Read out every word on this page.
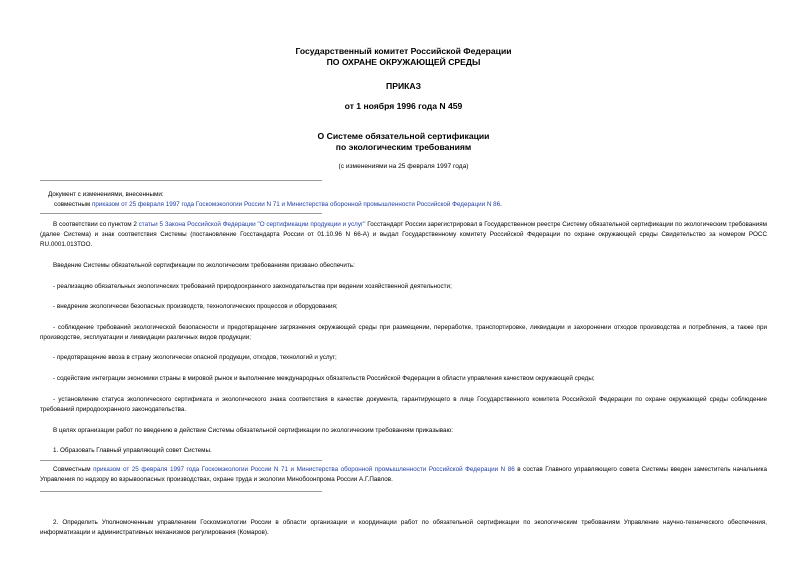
Государственный комитет Российской Федерации
ПО ОХРАНЕ ОКРУЖАЮЩЕЙ СРЕДЫ
ПРИКАЗ
от 1 ноября 1996 года N 459
О Системе обязательной сертификации
по экологическим требованиям
(с изменениями на 25 февраля 1997 года)
Документ с изменениями, внесенными:
совместным приказом от 25 февраля 1997 года Госкомэкологии России N 71 и Министерства оборонной промышленности Российской Федерации N 86.
В соответствии со пунктом 2 статьи 5 Закона Российской Федерации "О сертификации продукции и услуг" Госстандарт России зарегистрировал в Государственном реестре Систему обязательной сертификации по экологическим требованиям (далее Система) и знак соответствия Системы (постановление Госстандарта России от 01.10.96 N 66-А) и выдал Государственному комитету Российской Федерации по охране окружающей среды Свидетельство за номером РОСС RU.0001.013ТОО.
Введение Системы обязательной сертификации по экологическим требованиям призвано обеспечить:
- реализацию обязательных экологических требований природоохранного законодательства при ведении хозяйственной деятельности;
- внедрение экологически безопасных производств, технологических процессов и оборудования;
- соблюдение требований экологической безопасности и предотвращение загрязнения окружающей среды при размещении, переработке, транспортировке, ликвидации и захоронении отходов производства и потребления, а также при производстве, эксплуатации и ликвидации различных видов продукции;
- предотвращение ввоза в страну экологически опасной продукции, отходов, технологий и услуг;
- содействие интеграции экономики страны в мировой рынок и выполнение международных обязательств Российской Федерации в области управления качеством окружающей среды;
- установление статуса экологического сертификата и экологического знака соответствия в качестве документа, гарантирующего в лице Государственного комитета Российской Федерации по охране окружающей среды соблюдение требований природоохранного законодательства.
В целях организации работ по введению в действие Системы обязательной сертификации по экологическим требованиям приказываю:
1. Образовать Главный управляющий совет Системы.
Совместным приказом от 25 февраля 1997 года Госкомэкологии России N 71 и Министерства оборонной промышленности Российской Федерации N 86 в состав Главного управляющего совета Системы введен заместитель начальника Управления по надзору во взрывоопасных производствах, охране труда и экологии Минобоонпрома России А.Г.Павлов.
2. Определить Уполномоченным управлением Госкомэкологии России в области организации и координации работ по обязательной сертификации по экологическим требованиям Управление научно-технического обеспечения, информатизации и административных механизмов регулирования (Комаров).
